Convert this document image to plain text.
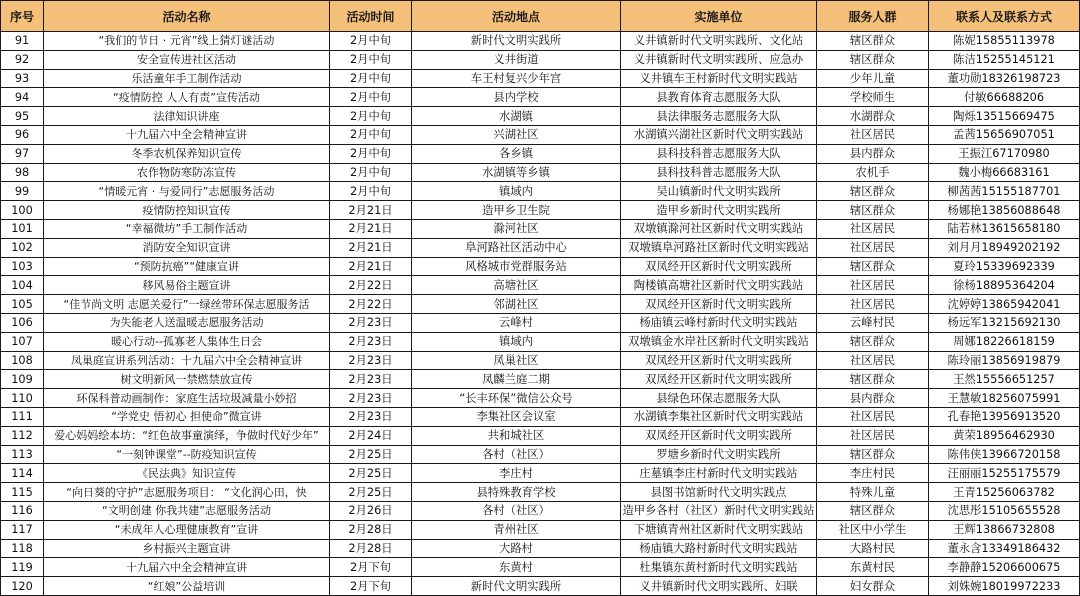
序号	活动名称	活动时间	活动地点	实施单位	服务人群	联系人及联系方式
91	“我们的节日 · 元宵”线上猜灯谜活动	2月中旬	新时代文明实践所	义井镇新时代文明实践所、文化站	辖区群众	陈妮15855113978
92	安全宣传进社区活动	2月中旬	义井街道	义井镇新时代文明实践所、应急办	辖区群众	陈洁15255145121
93	乐活童年手工制作活动	2月中旬	车王村复兴少年宫	义井镇车王村新时代文明实践站	少年儿童	董功勋18326198723
94	“疫情防控 人人有责”宣传活动	2月中旬	县内学校	县教育体育志愿服务大队	学校师生	付敏66688206
95	法律知识讲座	2月中旬	水湖镇	县法律服务志愿服务大队	水湖群众	陶烁13515669475
96	十九届六中全会精神宣讲	2月中旬	兴湖社区	水湖镇兴湖社区新时代文明实践站	社区居民	孟茜15656907051
97	冬季农机保养知识宣传	2月中旬	各乡镇	县科技科普志愿服务大队	县内群众	王振江67170980
98	农作物防寒防冻宣传	2月中旬	水湖镇等乡镇	县科技科普志愿服务大队	农机手	魏小梅66683161
99	“情暖元宵 · 与爱同行”志愿服务活动	2月中旬	镇域内	吴山镇新时代文明实践所	辖区群众	柳茜茜15155187701
100	疫情防控知识宣传	2月21日	造甲乡卫生院	造甲乡新时代文明实践所	辖区群众	杨娜艳13856088648
101	“幸福微坊”手工制作活动	2月21日	滁河社区	双墩镇滁河社区新时代文明实践站	社区居民	陆若林13615658180
102	消防安全知识宣讲	2月21日	阜河路社区活动中心	双墩镇阜河路社区新时代文明实践站	社区居民	刘月月18949202192
103	“预防抗癌”“健康宣讲	2月21日	风格城市党群服务站	双凤经开区新时代文明实践所	辖区群众	夏玲15339692339
104	移风易俗主题宣讲	2月22日	高塘社区	陶楼镇高塘社区新时代文明实践站	社区居民	徐杨18895364204
105	“佳节尚文明 志愿关爱行”一绿丝带环保志愿服务活	2月22日	邻湖社区	双凤经开区新时代文明实践所	社区居民	沈婷婷13865942041
106	为失能老人送温暖志愿服务活动	2月23日	云峰村	杨庙镇云峰村新时代文明实践站	云峰村民	杨远军13215692130
107	暖心行动--孤寡老人集体生日会	2月23日	镇域内	双墩镇金水岸社区新时代文明实践站	辖区群众	周娜18226618159
108	凤巢庭宣讲系列活动：十九届六中全会精神宣讲	2月23日	凤巢社区	双凤经开区新时代文明实践所	社区居民	陈玲丽13856919879
109	树文明新风一禁燃禁放宣传	2月23日	凤麟兰庭二期	双凤经开区新时代文明实践所	辖区群众	王然15556651257
110	环保科普动画制作：家庭生活垃圾减量小妙招	2月23日	“长丰环保”微信公众号	县绿色环保志愿服务大队	县内群众	王慧敏18256075991
111	“学党史 悟初心 担使命”微宣讲	2月23日	李集社区会议室	水湖镇李集社区新时代文明实践站	社区居民	孔春艳13956913520
112	爱心妈妈绘本坊：“红色故事童演绎，争做时代好少年”	2月24日	共和城社区	双凤经开区新时代文明实践所	社区居民	黄荣18956462930
113	“一刻钟课堂”--防疫知识宣传	2月25日	各村（社区）	罗塘乡新时代文明实践所	辖区群众	陈伟侠13966720158
114	《民法典》知识宣传	2月25日	李庄村	庄墓镇李庄村新时代文明实践站	李庄村民	汪丽丽15255175579
115	“向日葵的守护”志愿服务项目： “文化润心田，快	2月25日	县特殊教育学校	县图书馆新时代文明实践点	特殊儿童	王青15256063782
116	“文明创建 你我共建”志愿服务活动	2月26日	各村（社区）	造甲乡各村（社区）新时代文明实践站	辖区群众	沈思彤15105655528
117	“未成年人心理健康教育”宣讲	2月28日	青州社区	下塘镇青州社区新时代文明实践站	社区中小学生	王辉13866732808
118	乡村振兴主题宣讲	2月28日	大路村	杨庙镇大路村新时代文明实践站	大路村民	董永含13349186432
119	十九届六中全会精神宣讲	2月下旬	东黄村	杜集镇东黄村新时代文明实践站	东黄村民	李静静15206600675
120	“红娘”公益培训	2月下旬	新时代文明实践所	义井镇新时代文明实践所、妇联	妇女群众	刘姝婉18019972233
